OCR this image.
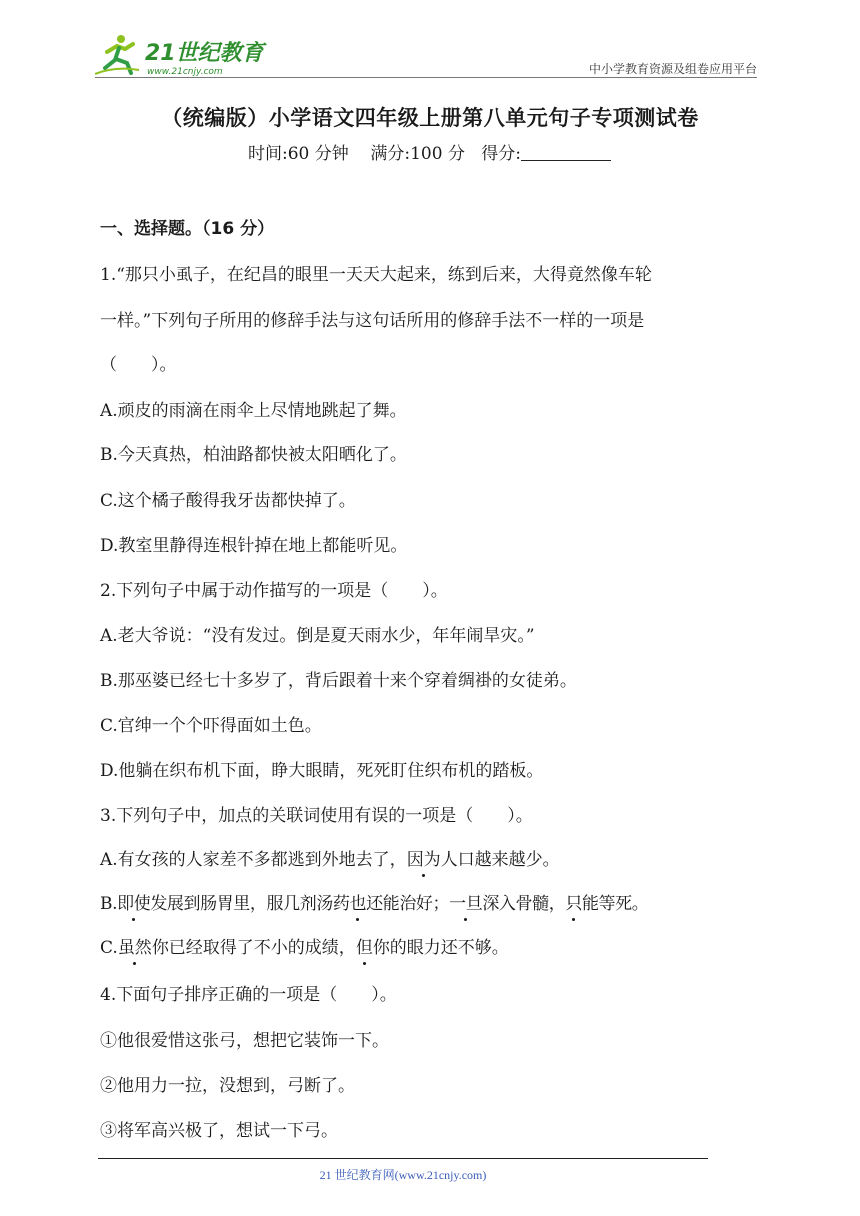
21世纪教育
www.21cnjy.com	中小学教育资源及组卷应用平台
（统编版）小学语文四年级上册第八单元句子专项测试卷
时间:60 分钟 满分:100 分 得分:
一、选择题。（16 分）
1.“那只小虱子，在纪昌的眼里一天天大起来，练到后来，大得竟然像车轮
一样。”下列句子所用的修辞手法与这句话所用的修辞手法不一样的一项是
（　　）。
A.顽皮的雨滴在雨伞上尽情地跳起了舞。
B.今天真热，柏油路都快被太阳晒化了。
C.这个橘子酸得我牙齿都快掉了。
D.教室里静得连根针掉在地上都能听见。
2.下列句子中属于动作描写的一项是（　　）。
A.老大爷说：“没有发过。倒是夏天雨水少，年年闹旱灾。”
B.那巫婆已经七十多岁了，背后跟着十来个穿着绸褂的女徒弟。
C.官绅一个个吓得面如土色。
D.他躺在织布机下面，睁大眼睛，死死盯住织布机的踏板。
3.下列句子中，加点的关联词使用有误的一项是（　　）。
A.有女孩的人家差不多都逃到外地去了，因为人口越来越少。
B.即使发展到肠胃里，服几剂汤药也还能治好；一旦深入骨髓，只能等死。
C.虽然你已经取得了不小的成绩，但你的眼力还不够。
4.下面句子排序正确的一项是（　　）。
①他很爱惜这张弓，想把它装饰一下。
②他用力一拉，没想到，弓断了。
③将军高兴极了，想试一下弓。
21 世纪教育网(www.21cnjy.com)
